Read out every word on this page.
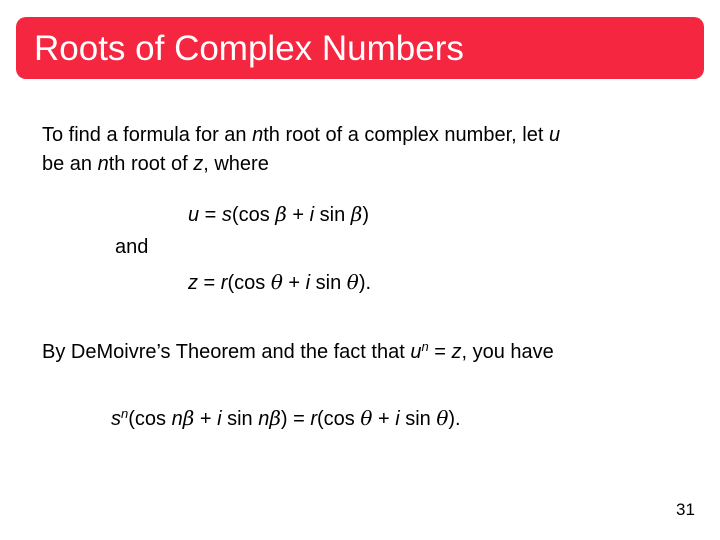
Roots of Complex Numbers
To find a formula for an nth root of a complex number, let u
be an nth root of z, where
u = s(cos β + i sin β)
and
z = r(cos θ + i sin θ).
By DeMoivre’s Theorem and the fact that $u^n = z$, you have
$s^n(\cos$ nβ + i sin nβ) = r(cos θ + i sin θ).
31
